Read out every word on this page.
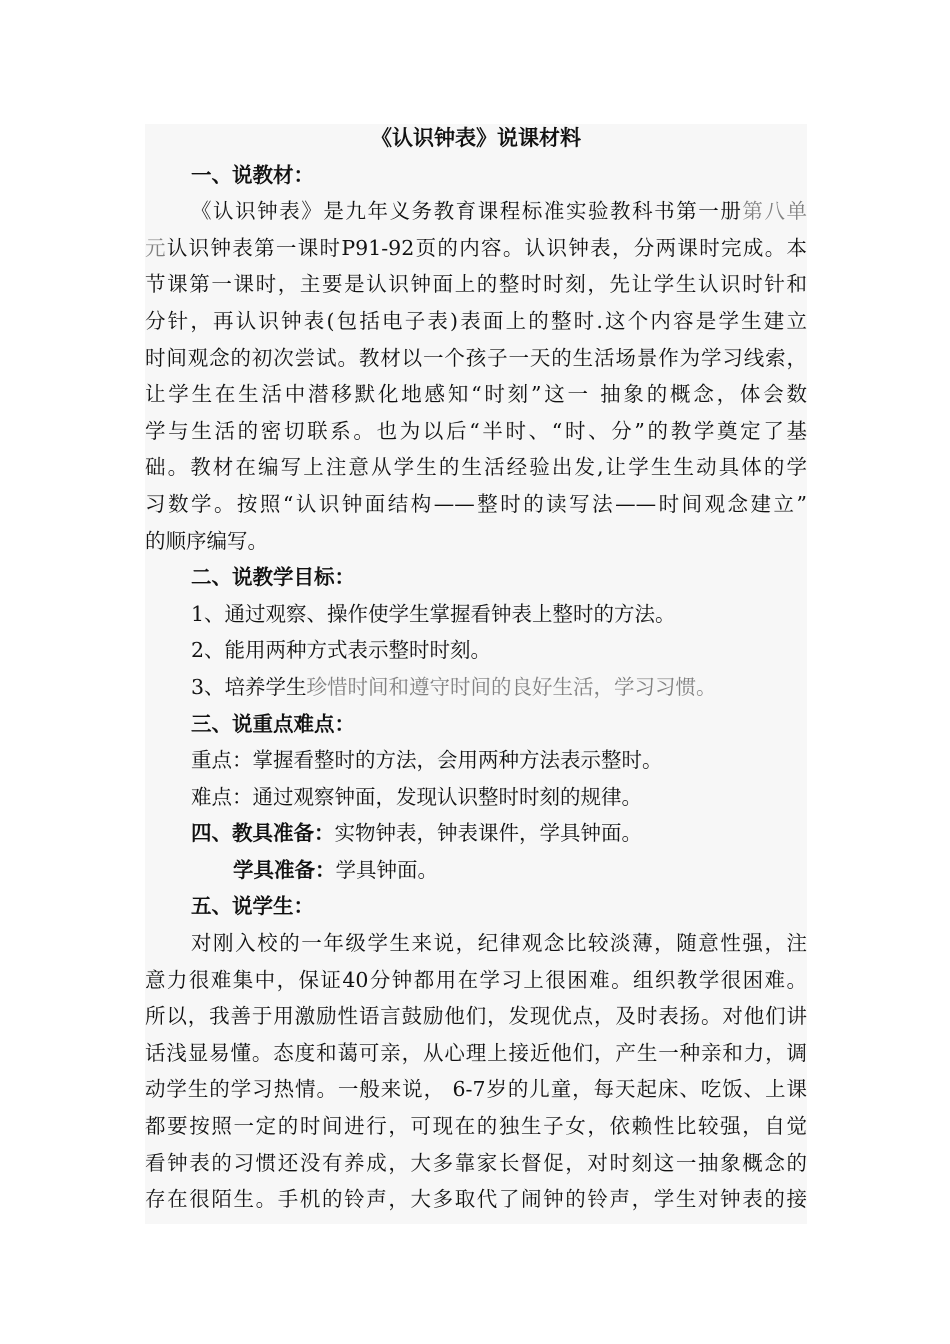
《认识钟表》说课材料
一、说教材：
《认识钟表》是九年义务教育课程标准实验教科书第一册第八单
元认识钟表第一课时P91-92页的内容。认识钟表，分两课时完成。本
节课第一课时，主要是认识钟面上的整时时刻，先让学生认识时针和
分针，再认识钟表(包括电子表)表面上的整时.这个内容是学生建立
时间观念的初次尝试。教材以一个孩子一天的生活场景作为学习线索，
让学生在生活中潜移默化地感知“时刻”这一 抽象的概念，体会数
学与生活的密切联系。也为以后“半时、“时、分”的教学奠定了基
础。教材在编写上注意从学生的生活经验出发,让学生生动具体的学
习数学。按照“认识钟面结构——整时的读写法——时间观念建立”
的顺序编写。
二、说教学目标：
1、通过观察、操作使学生掌握看钟表上整时的方法。
2、能用两种方式表示整时时刻。
3、培养学生珍惜时间和遵守时间的良好生活，学习习惯。
三、说重点难点：
重点：掌握看整时的方法，会用两种方法表示整时。
难点：通过观察钟面，发现认识整时时刻的规律。
四、教具准备：实物钟表，钟表课件，学具钟面。
学具准备：学具钟面。
五、说学生：
对刚入校的一年级学生来说，纪律观念比较淡薄，随意性强，注
意力很难集中，保证40分钟都用在学习上很困难。组织教学很困难。
所以，我善于用激励性语言鼓励他们，发现优点，及时表扬。对他们讲
话浅显易懂。态度和蔼可亲，从心理上接近他们，产生一种亲和力，调
动学生的学习热情。一般来说， 6-7岁的儿童，每天起床、吃饭、上课
都要按照一定的时间进行，可现在的独生子女，依赖性比较强，自觉
看钟表的习惯还没有养成，大多靠家长督促，对时刻这一抽象概念的
存在很陌生。手机的铃声，大多取代了闹钟的铃声，学生对钟表的接
